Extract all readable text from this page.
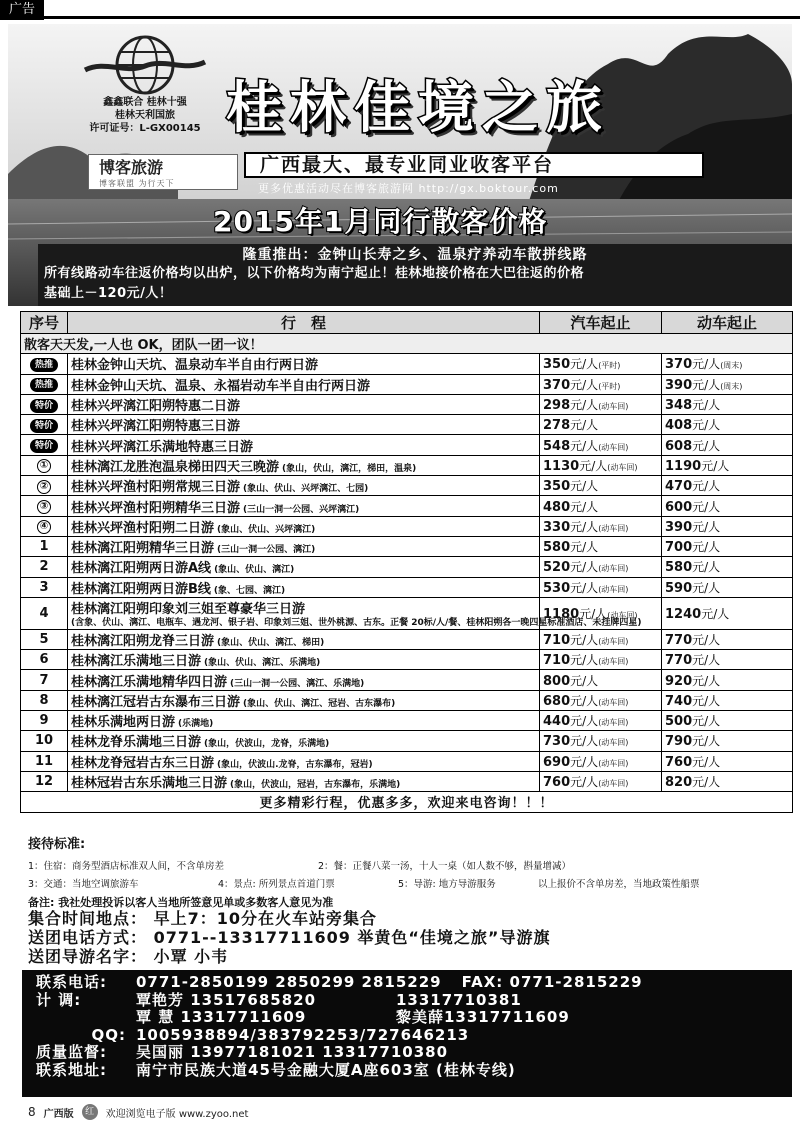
广告
鑫鑫联合 桂林十强
桂林天利国旅
许可证号：L-GX00145 桂林佳境之旅
博客旅游
博客联盟 为行天下
广西最大、最专业同业收客平台
更多优惠活动尽在博客旅游网 http://gx.boktour.com
2015年1月同行散客价格
隆重推出：金钟山长寿之乡、温泉疗养动车散拼线路
所有线路动车往返价格均以出炉，以下价格均为南宁起止！桂林地接价格在大巴往返的价格
基础上－120元/人！
序号	行　程	汽车起止	动车起止
散客天天发,一人也 OK，团队一团一议！			
热推	桂林金钟山天坑、温泉动车半自由行两日游	350元/人(平时)	370元/人(周末)
热推	桂林金钟山天坑、温泉、永福岩动车半自由行两日游	370元/人(平时)	390元/人(周末)
特价	桂林兴坪漓江阳朔特惠二日游	298元/人(动车回)	348元/人
特价	桂林兴坪漓江阳朔特惠三日游	278元/人	408元/人
特价	桂林兴坪漓江乐满地特惠三日游	548元/人(动车回)	608元/人
①	桂林漓江龙胜泡温泉梯田四天三晚游 (象山，伏山，漓江，梯田，温泉)	1130元/人(动车回)	1190元/人
②	桂林兴坪渔村阳朔常规三日游 (象山、伏山、兴坪漓江、七园)	350元/人	470元/人
③	桂林兴坪渔村阳朔精华三日游 (三山一洞一公园、兴坪漓江)	480元/人	600元/人
④	桂林兴坪渔村阳朔二日游 (象山、伏山、兴坪漓江)	330元/人(动车回)	390元/人
1	桂林漓江阳朔精华三日游 (三山一洞一公园、漓江)	580元/人	700元/人
2	桂林漓江阳朔两日游A线 (象山、伏山、漓江)	520元/人(动车回)	580元/人
3	桂林漓江阳朔两日游B线 (象、七园、漓江)	530元/人(动车回)	590元/人
4	桂林漓江阳朔印象刘三姐至尊豪华三日游
(含象、伏山、漓江、电瓶车、遇龙河、银子岩、印象刘三姐、世外桃源、古东。正餐 20标/人/餐、桂林阳朔各一晚四星标准酒店、未挂牌四星)	1180元/人(动车回)	1240元/人
5	桂林漓江阳朔龙脊三日游 (象山、伏山、漓江、梯田)	710元/人(动车回)	770元/人
6	桂林漓江乐满地三日游 (象山、伏山、漓江、乐满地)	710元/人(动车回)	770元/人
7	桂林漓江乐满地精华四日游 (三山一洞一公园、漓江、乐满地)	800元/人	920元/人
8	桂林漓江冠岩古东瀑布三日游 (象山、伏山、漓江、冠岩、古东瀑布)	680元/人(动车回)	740元/人
9	桂林乐满地两日游 (乐满地)	440元/人(动车回)	500元/人
10	桂林龙脊乐满地三日游 (象山，伏波山，龙脊，乐满地)	730元/人(动车回)	790元/人
11	桂林龙脊冠岩古东三日游 (象山，伏波山.龙脊，古东瀑布，冠岩)	690元/人(动车回)	760元/人
12	桂林冠岩古东乐满地三日游 (象山，伏波山，冠岩，古东瀑布，乐满地)	760元/人(动车回)	820元/人
更多精彩行程，优惠多多，欢迎来电咨询！！！			
接待标准:
1：住宿：商务型酒店标准双人间，不含单房差	2：餐：正餐八菜一汤，十人一桌（如人数不够，斟量增减）
3：交通：当地空调旅游车	4：景点: 所列景点首道门票	5：导游: 地方导游服务	以上报价不含单房差，当地政策性船票
备注: 我社处理投诉以客人当地所签意见单或多数客人意见为准
集合时间地点： 早上7：10分在火车站旁集合
送团电话方式： 0771--13317711609 举黄色“佳境之旅”导游旗
送团导游名字： 小覃 小韦
联系电话:	0771-2850199 2850299 2815229 FAX: 0771-2815229
计 调:	覃艳芳 13517685820	13317710381
覃 慧 13317711609	黎美薛13317711609
QQ: 1005938894/383792253/727646213
质量监督:	吴国丽 13977181021 13317710380
联系地址:	南宁市民族大道45号金融大厦A座603室 (桂林专线)
8 广西版	红	欢迎浏览电子版 www.zyoo.net
